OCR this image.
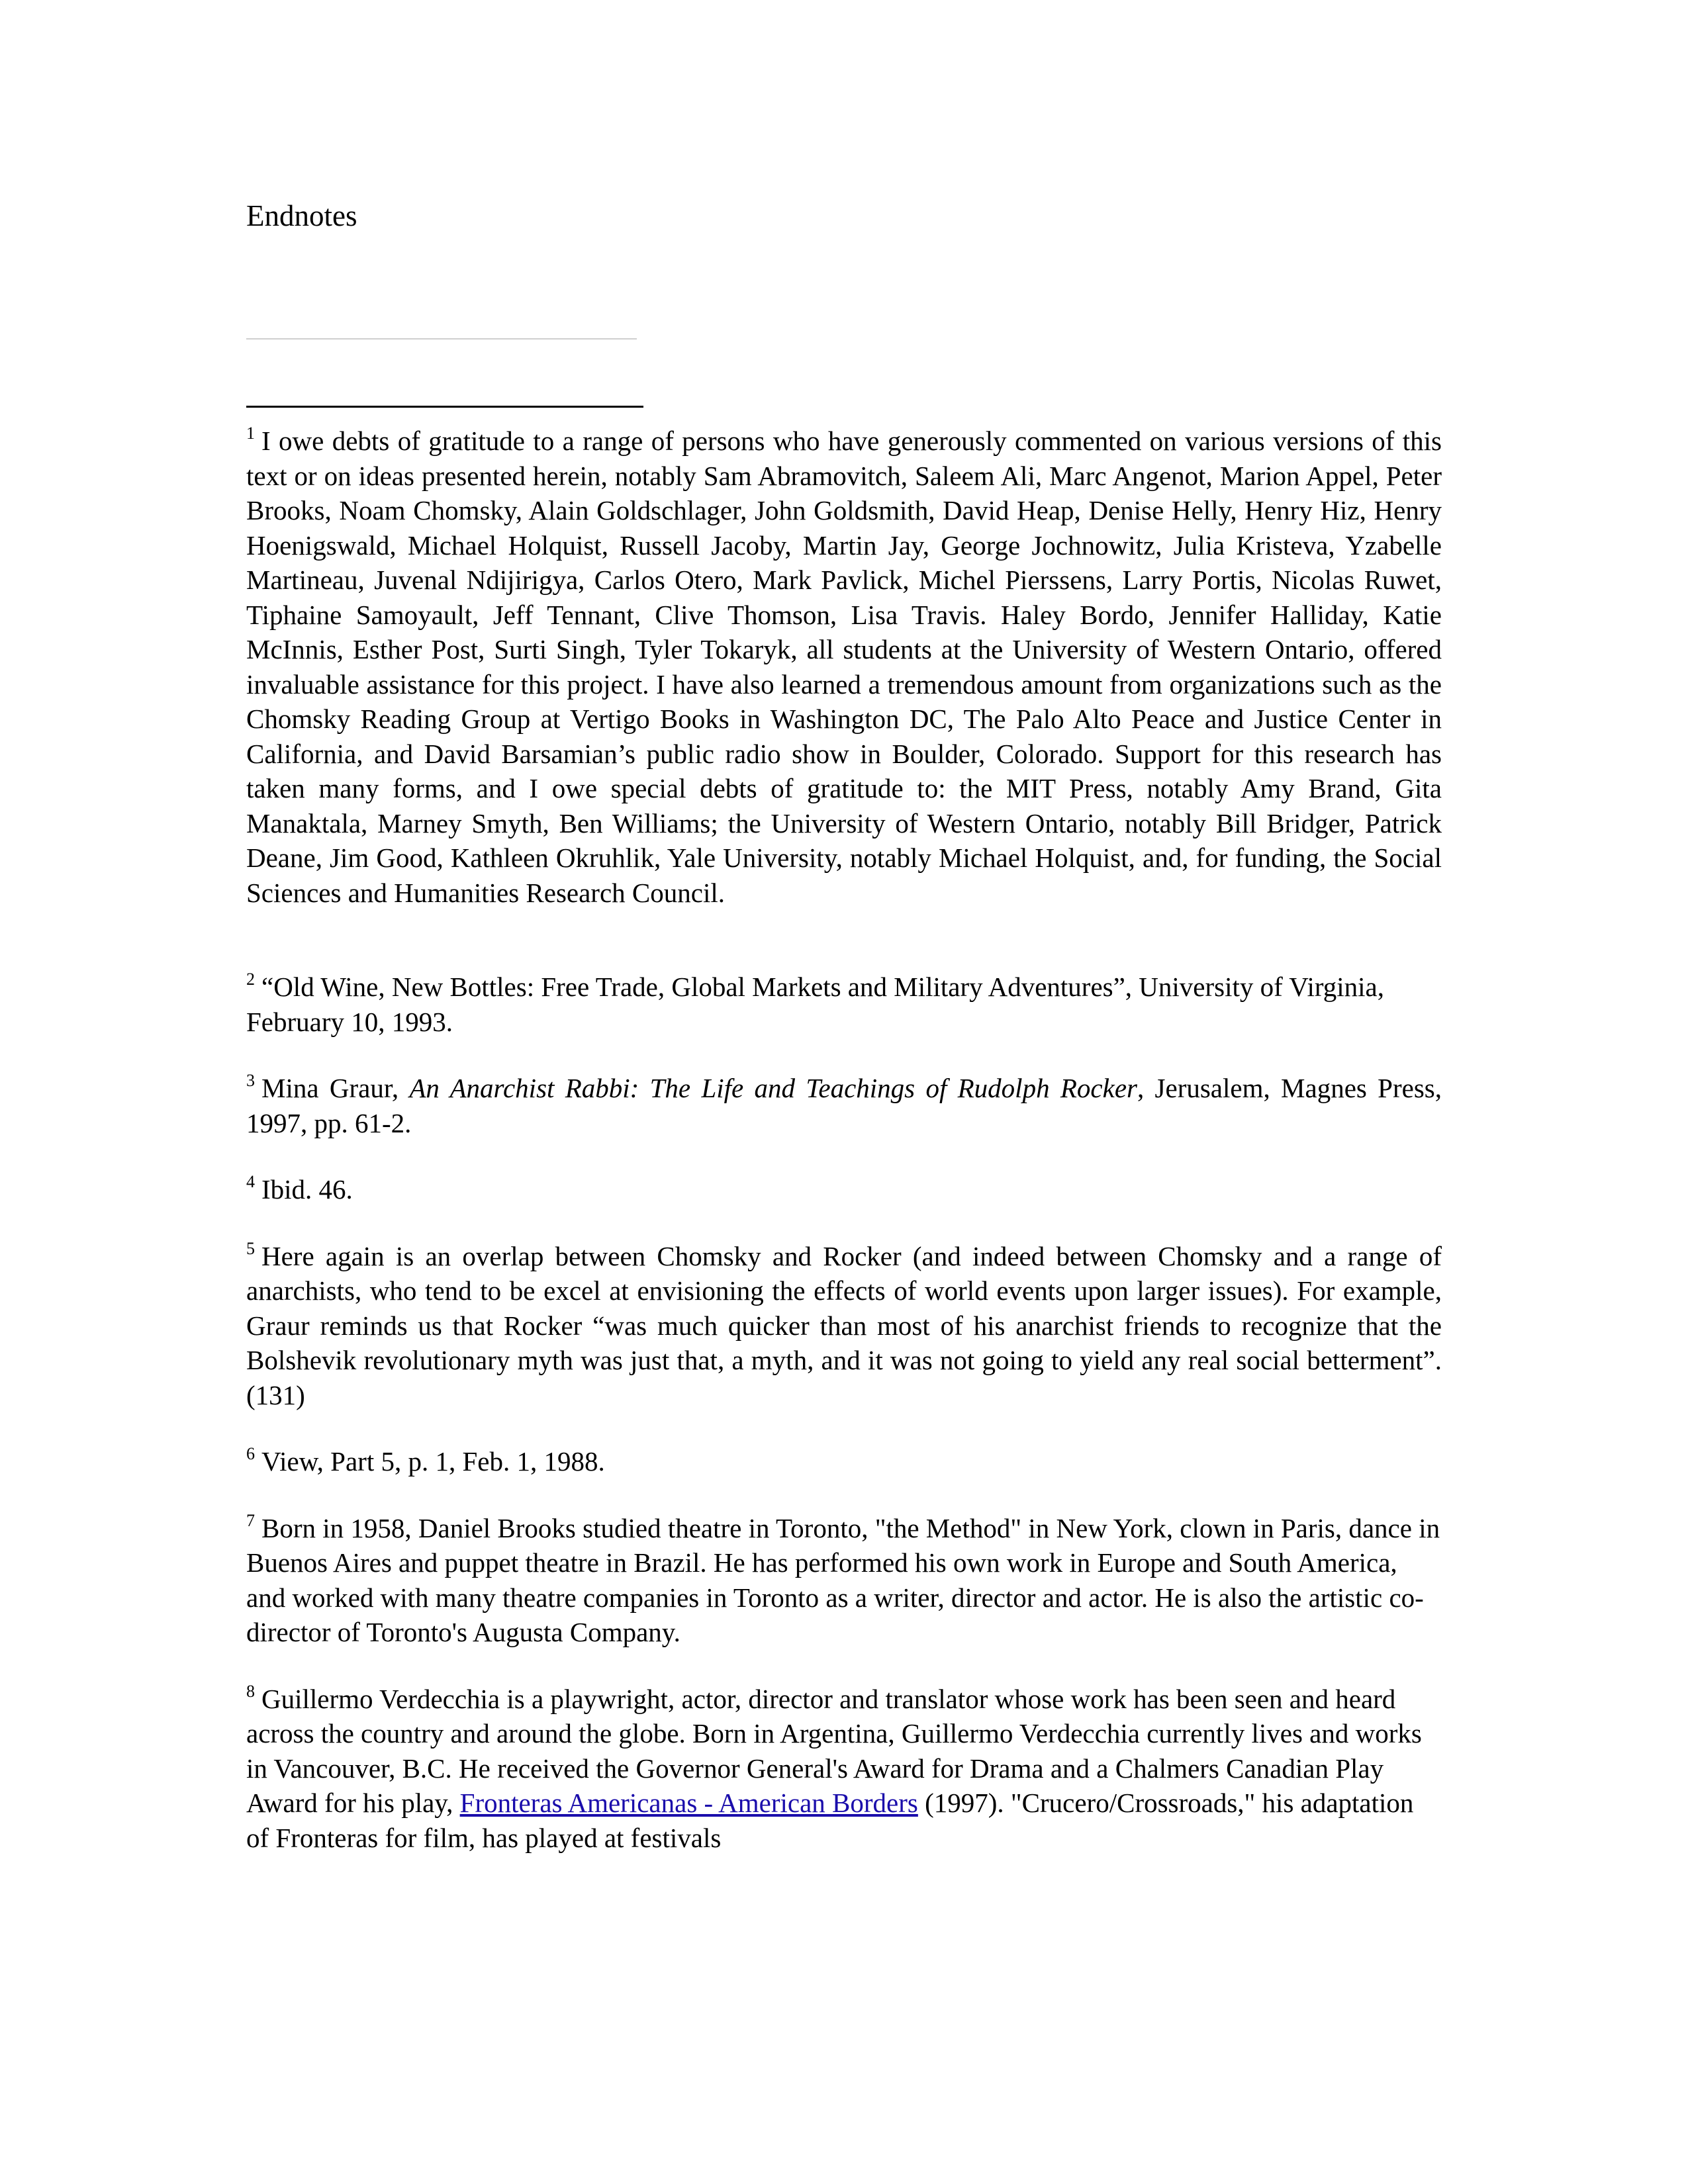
Endnotes

$^1$ I owe debts of gratitude to a range of persons who have generously commented on various versions of this text or on ideas presented herein, notably Sam Abramovitch, Saleem Ali, Marc Angenot, Marion Appel, Peter Brooks, Noam Chomsky, Alain Goldschlager, John Goldsmith, David Heap, Denise Helly, Henry Hiz, Henry Hoenigswald, Michael Holquist, Russell Jacoby, Martin Jay, George Jochnowitz, Julia Kristeva, Yzabelle Martineau, Juvenal Ndijirigya, Carlos Otero, Mark Pavlick, Michel Pierssens, Larry Portis, Nicolas Ruwet, Tiphaine Samoyault, Jeff Tennant, Clive Thomson, Lisa Travis. Haley Bordo, Jennifer Halliday, Katie McInnis, Esther Post, Surti Singh, Tyler Tokaryk, all students at the University of Western Ontario, offered invaluable assistance for this project. I have also learned a tremendous amount from organizations such as the Chomsky Reading Group at Vertigo Books in Washington DC, The Palo Alto Peace and Justice Center in California, and David Barsamian’s public radio show in Boulder, Colorado. Support for this research has taken many forms, and I owe special debts of gratitude to: the MIT Press, notably Amy Brand, Gita Manaktala, Marney Smyth, Ben Williams; the University of Western Ontario, notably Bill Bridger, Patrick Deane, Jim Good, Kathleen Okruhlik, Yale University, notably Michael Holquist, and, for funding, the Social Sciences and Humanities Research Council.

$^2$ “Old Wine, New Bottles: Free Trade, Global Markets and Military Adventures”, University of Virginia, February 10, 1993.

$^3$ Mina Graur, An Anarchist Rabbi: The Life and Teachings of Rudolph Rocker, Jerusalem, Magnes Press, 1997, pp. 61-2.

$^4$ Ibid. 46.

$^5$ Here again is an overlap between Chomsky and Rocker (and indeed between Chomsky and a range of anarchists, who tend to be excel at envisioning the effects of world events upon larger issues). For example, Graur reminds us that Rocker “was much quicker than most of his anarchist friends to recognize that the Bolshevik revolutionary myth was just that, a myth, and it was not going to yield any real social betterment”. (131)

$^6$ View, Part 5, p. 1, Feb. 1, 1988.

$^7$ Born in 1958, Daniel Brooks studied theatre in Toronto, "the Method" in New York, clown in Paris, dance in Buenos Aires and puppet theatre in Brazil. He has performed his own work in Europe and South America, and worked with many theatre companies in Toronto as a writer, director and actor. He is also the artistic co-director of Toronto's Augusta Company.

$^8$ Guillermo Verdecchia is a playwright, actor, director and translator whose work has been seen and heard across the country and around the globe. Born in Argentina, Guillermo Verdecchia currently lives and works in Vancouver, B.C. He received the Governor General's Award for Drama and a Chalmers Canadian Play Award for his play, Fronteras Americanas - American Borders (1997). "Crucero/Crossroads," his adaptation of Fronteras for film, has played at festivals
